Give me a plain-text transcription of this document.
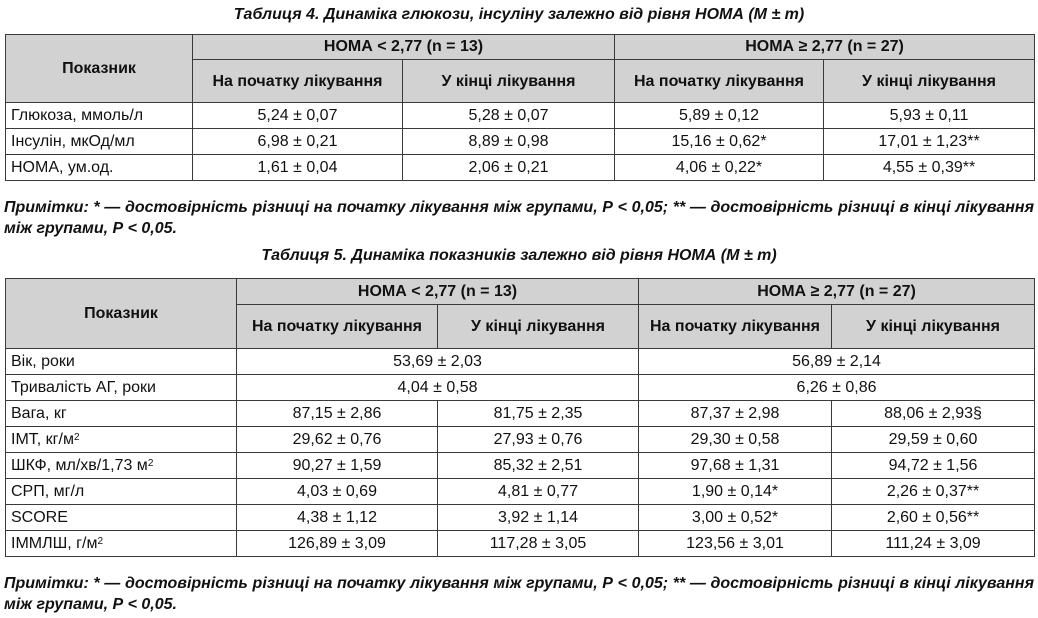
Таблиця 4. Динаміка глюкози, інсуліну залежно від рівня НОМА (M ± m)
Показник	НОМА < 2,77 (n = 13)		НОМА ≥ 2,77 (n = 27)	
	На початку лікування	У кінці лікування	На початку лікування	У кінці лікування
Глюкоза, ммоль/л	5,24 ± 0,07	5,28 ± 0,07	5,89 ± 0,12	5,93 ± 0,11
Інсулін, мкОд/мл	6,98 ± 0,21	8,89 ± 0,98	15,16 ± 0,62*	17,01 ± 1,23**
НОМА, ум.од.	1,61 ± 0,04	2,06 ± 0,21	4,06 ± 0,22*	4,55 ± 0,39**
Примітки: * — достовірність різниці на початку лікування між групами, Р < 0,05; ** — достовірність різниці в кінці лікування між групами, Р < 0,05.
Таблиця 5. Динаміка показників залежно від рівня НОМА (M ± m)
Показник	НОМА < 2,77 (n = 13)		НОМА ≥ 2,77 (n = 27)	
	На початку лікування	У кінці лікування	На початку лікування	У кінці лікування
Вік, роки	53,69 ± 2,03		56,89 ± 2,14	
Тривалість АГ, роки	4,04 ± 0,58		6,26 ± 0,86	
Вага, кг	87,15 ± 2,86	81,75 ± 2,35	87,37 ± 2,98	88,06 ± 2,93§
ІМТ, $кг/м^2$	29,62 ± 0,76	27,93 ± 0,76	29,30 ± 0,58	29,59 ± 0,60
ШКФ, мл/хв/1,73 $м^2$	90,27 ± 1,59	85,32 ± 2,51	97,68 ± 1,31	94,72 ± 1,56
СРП, мг/л	4,03 ± 0,69	4,81 ± 0,77	1,90 ± 0,14*	2,26 ± 0,37**
SCORE	4,38 ± 1,12	3,92 ± 1,14	3,00 ± 0,52*	2,60 ± 0,56**
ІММЛШ, $г/м^2$	126,89 ± 3,09	117,28 ± 3,05	123,56 ± 3,01	111,24 ± 3,09
Примітки: * — достовірність різниці на початку лікування між групами, Р < 0,05; ** — достовірність різниці в кінці лікування між групами, Р < 0,05.
